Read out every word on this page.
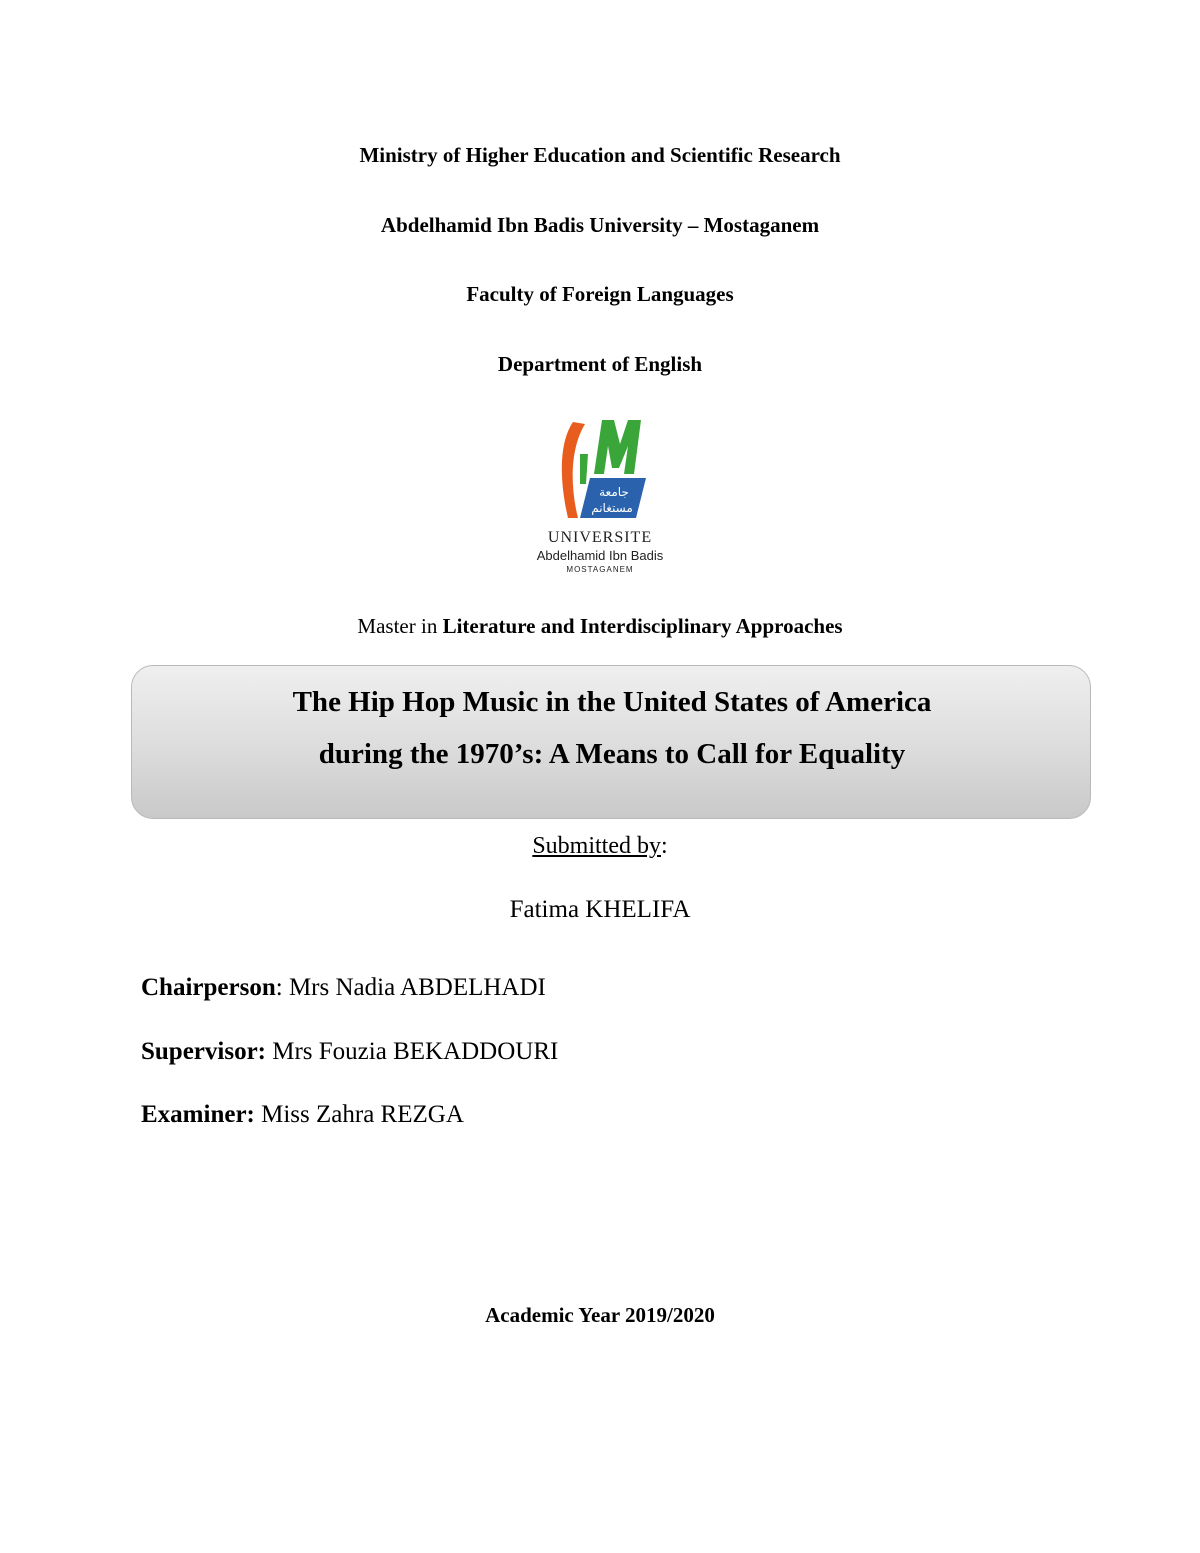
Ministry of Higher Education and Scientific Research
Abdelhamid Ibn Badis University – Mostaganem
Faculty of Foreign Languages
Department of English
جامعة
مستغانم
UNIVERSITE
Abdelhamid Ibn Badis
MOSTAGANEM
Master in Literature and Interdisciplinary Approaches
The Hip Hop Music in the United States of America
during the 1970’s: A Means to Call for Equality
Submitted by:
Fatima KHELIFA
Chairperson: Mrs Nadia ABDELHADI
Supervisor: Mrs Fouzia BEKADDOURI
Examiner: Miss Zahra REZGA
Academic Year 2019/2020
